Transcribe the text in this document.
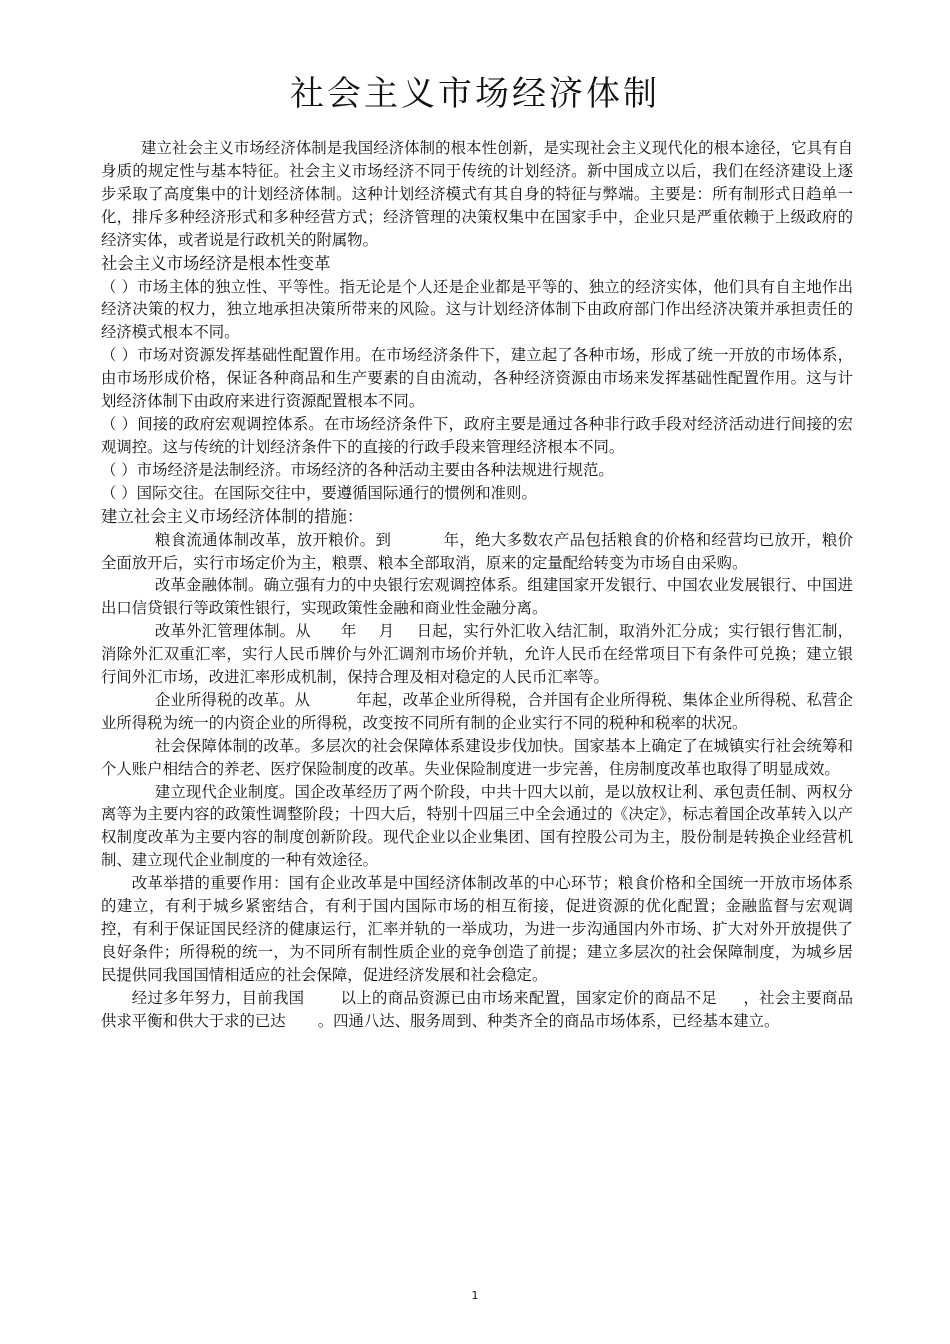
社会主义市场经济体制

建立社会主义市场经济体制是我国经济体制的根本性创新，是实现社会主义现代化的根本途径，它具有自身质的规定性与基本特征。社会主义市场经济不同于传统的计划经济。新中国成立以后，我们在经济建设上逐步采取了高度集中的计划经济体制。这种计划经济模式有其自身的特征与弊端。主要是：所有制形式日趋单一化，排斥多种经济形式和多种经营方式；经济管理的决策权集中在国家手中，企业只是严重依赖于上级政府的经济实体，或者说是行政机关的附属物。

社会主义市场经济是根本性变革

（ ）市场主体的独立性、平等性。指无论是个人还是企业都是平等的、独立的经济实体，他们具有自主地作出经济决策的权力，独立地承担决策所带来的风险。这与计划经济体制下由政府部门作出经济决策并承担责任的经济模式根本不同。

（ ）市场对资源发挥基础性配置作用。在市场经济条件下，建立起了各种市场，形成了统一开放的市场体系，由市场形成价格，保证各种商品和生产要素的自由流动，各种经济资源由市场来发挥基础性配置作用。这与计划经济体制下由政府来进行资源配置根本不同。

（ ）间接的政府宏观调控体系。在市场经济条件下，政府主要是通过各种非行政手段对经济活动进行间接的宏观调控。这与传统的计划经济条件下的直接的行政手段来管理经济根本不同。

（ ）市场经济是法制经济。市场经济的各种活动主要由各种法规进行规范。

（ ）国际交往。在国际交往中，要遵循国际通行的惯例和准则。

建立社会主义市场经济体制的措施：

粮食流通体制改革，放开粮价。到	年，绝大多数农产品包括粮食的价格和经营均已放开，粮价全面放开后，实行市场定价为主，粮票、粮本全部取消，原来的定量配给转变为市场自由采购。

改革金融体制。确立强有力的中央银行宏观调控体系。组建国家开发银行、中国农业发展银行、中国进出口信贷银行等政策性银行，实现政策性金融和商业性金融分离。

改革外汇管理体制。从 年 月 日起，实行外汇收入结汇制，取消外汇分成；实行银行售汇制，消除外汇双重汇率，实行人民币牌价与外汇调剂市场价并轨，允许人民币在经常项目下有条件可兑换；建立银行间外汇市场，改进汇率形成机制，保持合理及相对稳定的人民币汇率等。

企业所得税的改革。从	年起，改革企业所得税，合并国有企业所得税、集体企业所得税、私营企业所得税为统一的内资企业的所得税，改变按不同所有制的企业实行不同的税种和税率的状况。

社会保障体制的改革。多层次的社会保障体系建设步伐加快。国家基本上确定了在城镇实行社会统筹和个人账户相结合的养老、医疗保险制度的改革。失业保险制度进一步完善，住房制度改革也取得了明显成效。

建立现代企业制度。国企改革经历了两个阶段，中共十四大以前，是以放权让利、承包责任制、两权分离等为主要内容的政策性调整阶段；十四大后，特别十四届三中全会通过的《决定》，标志着国企改革转入以产权制度改革为主要内容的制度创新阶段。现代企业以企业集团、国有控股公司为主，股份制是转换企业经营机制、建立现代企业制度的一种有效途径。

改革举措的重要作用：国有企业改革是中国经济体制改革的中心环节；粮食价格和全国统一开放市场体系的建立，有利于城乡紧密结合，有利于国内国际市场的相互衔接，促进资源的优化配置；金融监督与宏观调控，有利于保证国民经济的健康运行，汇率并轨的一举成功，为进一步沟通国内外市场、扩大对外开放提供了良好条件；所得税的统一，为不同所有制性质企业的竞争创造了前提；建立多层次的社会保障制度，为城乡居民提供同我国国情相适应的社会保障，促进经济发展和社会稳定。

经过多年努力，目前我国 以上的商品资源已由市场来配置，国家定价的商品不足 ，社会主要商品供求平衡和供大于求的已达 。四通八达、服务周到、种类齐全的商品市场体系，已经基本建立。

1
